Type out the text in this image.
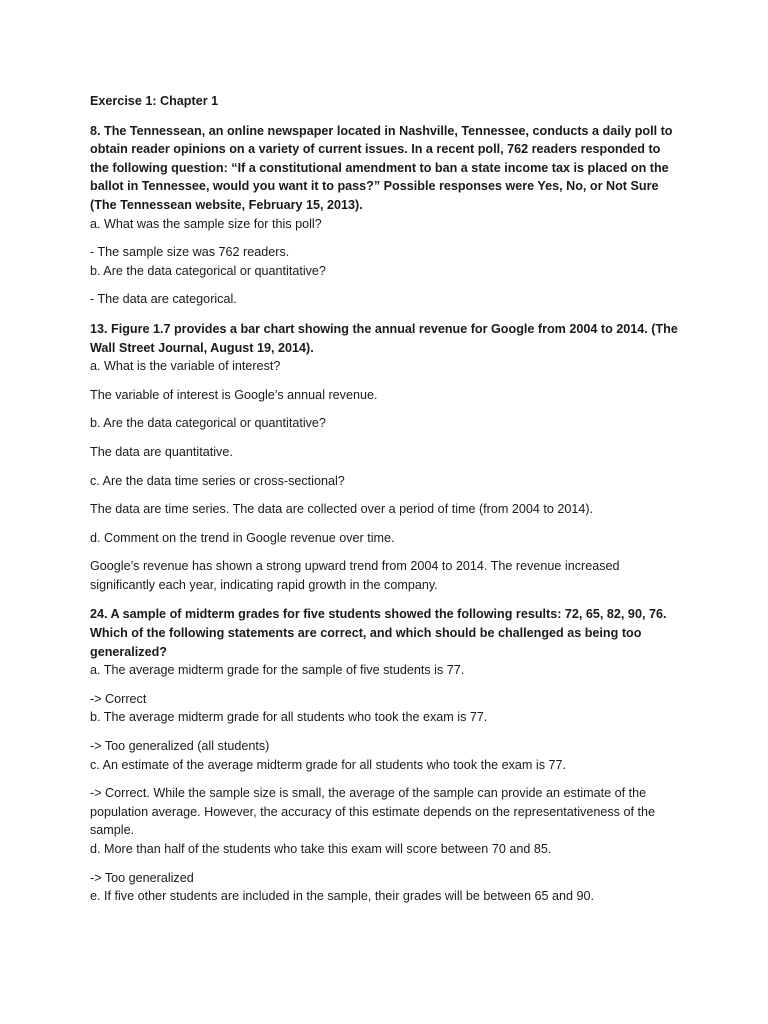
Exercise 1: Chapter 1

8. The Tennessean, an online newspaper located in Nashville, Tennessee, conducts a daily poll to obtain reader opinions on a variety of current issues. In a recent poll, 762 readers responded to the following question: “If a constitutional amendment to ban a state income tax is placed on the ballot in Tennessee, would you want it to pass?” Possible responses were Yes, No, or Not Sure (The Tennessean website, February 15, 2013).

a. What was the sample size for this poll?

- The sample size was 762 readers.

b. Are the data categorical or quantitative?

- The data are categorical.

13. Figure 1.7 provides a bar chart showing the annual revenue for Google from 2004 to 2014. (The Wall Street Journal, August 19, 2014).

a. What is the variable of interest?

The variable of interest is Google’s annual revenue.

b. Are the data categorical or quantitative?

The data are quantitative.

c. Are the data time series or cross-sectional?

The data are time series. The data are collected over a period of time (from 2004 to 2014).

d. Comment on the trend in Google revenue over time.

Google’s revenue has shown a strong upward trend from 2004 to 2014. The revenue increased significantly each year, indicating rapid growth in the company.

24. A sample of midterm grades for five students showed the following results: 72, 65, 82, 90, 76. Which of the following statements are correct, and which should be challenged as being too generalized?

a. The average midterm grade for the sample of five students is 77.

-> Correct

b. The average midterm grade for all students who took the exam is 77.

-> Too generalized (all students)

c. An estimate of the average midterm grade for all students who took the exam is 77.

-> Correct. While the sample size is small, the average of the sample can provide an estimate of the population average. However, the accuracy of this estimate depends on the representativeness of the sample.

d. More than half of the students who take this exam will score between 70 and 85.

-> Too generalized

e. If five other students are included in the sample, their grades will be between 65 and 90.
